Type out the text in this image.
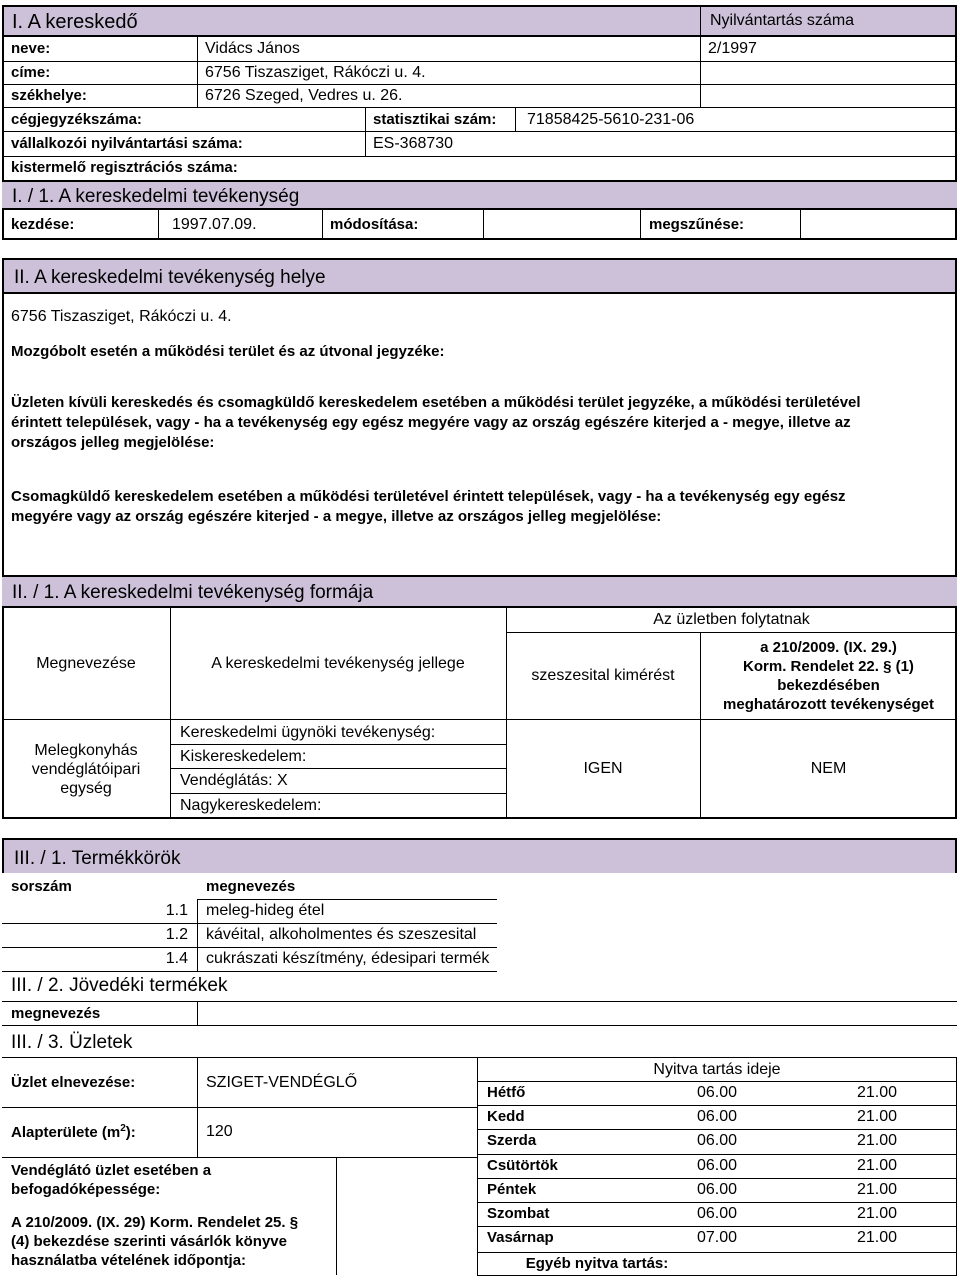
I. A kereskedő	Nyilvántartás száma
neve:	Vidács János	2/1997
címe:	6756 Tiszasziget, Rákóczi u. 4.
székhelye:	6726 Szeged, Vedres u. 26.
cégjegyzékszáma:	statisztikai szám: 71858425-5610-231-06
vállalkozói nyilvántartási száma:	ES-368730
kistermelő regisztrációs száma:
I. / 1. A kereskedelmi tevékenység
kezdése:	1997.07.09.	módosítása:	megszűnése:
II. A kereskedelmi tevékenység helye
6756 Tiszasziget, Rákóczi u. 4.
Mozgóbolt esetén a működési terület és az útvonal jegyzéke:
Üzleten kívüli kereskedés és csomagküldő kereskedelem esetében a működési terület jegyzéke, a működési területével
érintett települések, vagy - ha a tevékenység egy egész megyére vagy az ország egészére kiterjed a - megye, illetve az
országos jelleg megjelölése:
Csomagküldő kereskedelem esetében a működési területével érintett települések, vagy - ha a tevékenység egy egész
megyére vagy az ország egészére kiterjed - a megye, illetve az országos jelleg megjelölése:
II. / 1. A kereskedelmi tevékenység formája
Megnevezése	A kereskedelmi tevékenység jellege
Az üzletben folytatnak
szeszesital kimérést
a 210/2009. (IX. 29.)
Korm. Rendelet 22. § (1)
bekezdésében
meghatározott tevékenységet
Melegkonyhás
vendéglátóipari
egység
Kereskedelmi ügynöki tevékenység:
Kiskereskedelem:
Vendéglátás: X
Nagykereskedelem:
IGEN	NEM
III. / 1. Termékkörök
sorszám	megnevezés
1.1 meleg-hideg étel
1.2 kávéital, alkoholmentes és szeszesital
1.4 cukrászati készítmény, édesipari termék
III. / 2. Jövedéki termékek
megnevezés
III. / 3. Üzletek
Üzlet elnevezése:	SZIGET-VENDÉGLŐ
Alapterülete $(m^2)$:	120
Vendéglátó üzlet esetében a
befogadóképessége:
A 210/2009. (IX. 29) Korm. Rendelet 25. §
(4) bekezdése szerinti vásárlók könyve
használatba vételének időpontja:
Nyitva tartás ideje
Hétfő	06.00	21.00
Kedd	06.00	21.00
Szerda	06.00	21.00
Csütörtök	06.00	21.00
Péntek	06.00	21.00
Szombat	06.00	21.00
Vasárnap	07.00	21.00
Egyéb nyitva tartás:
